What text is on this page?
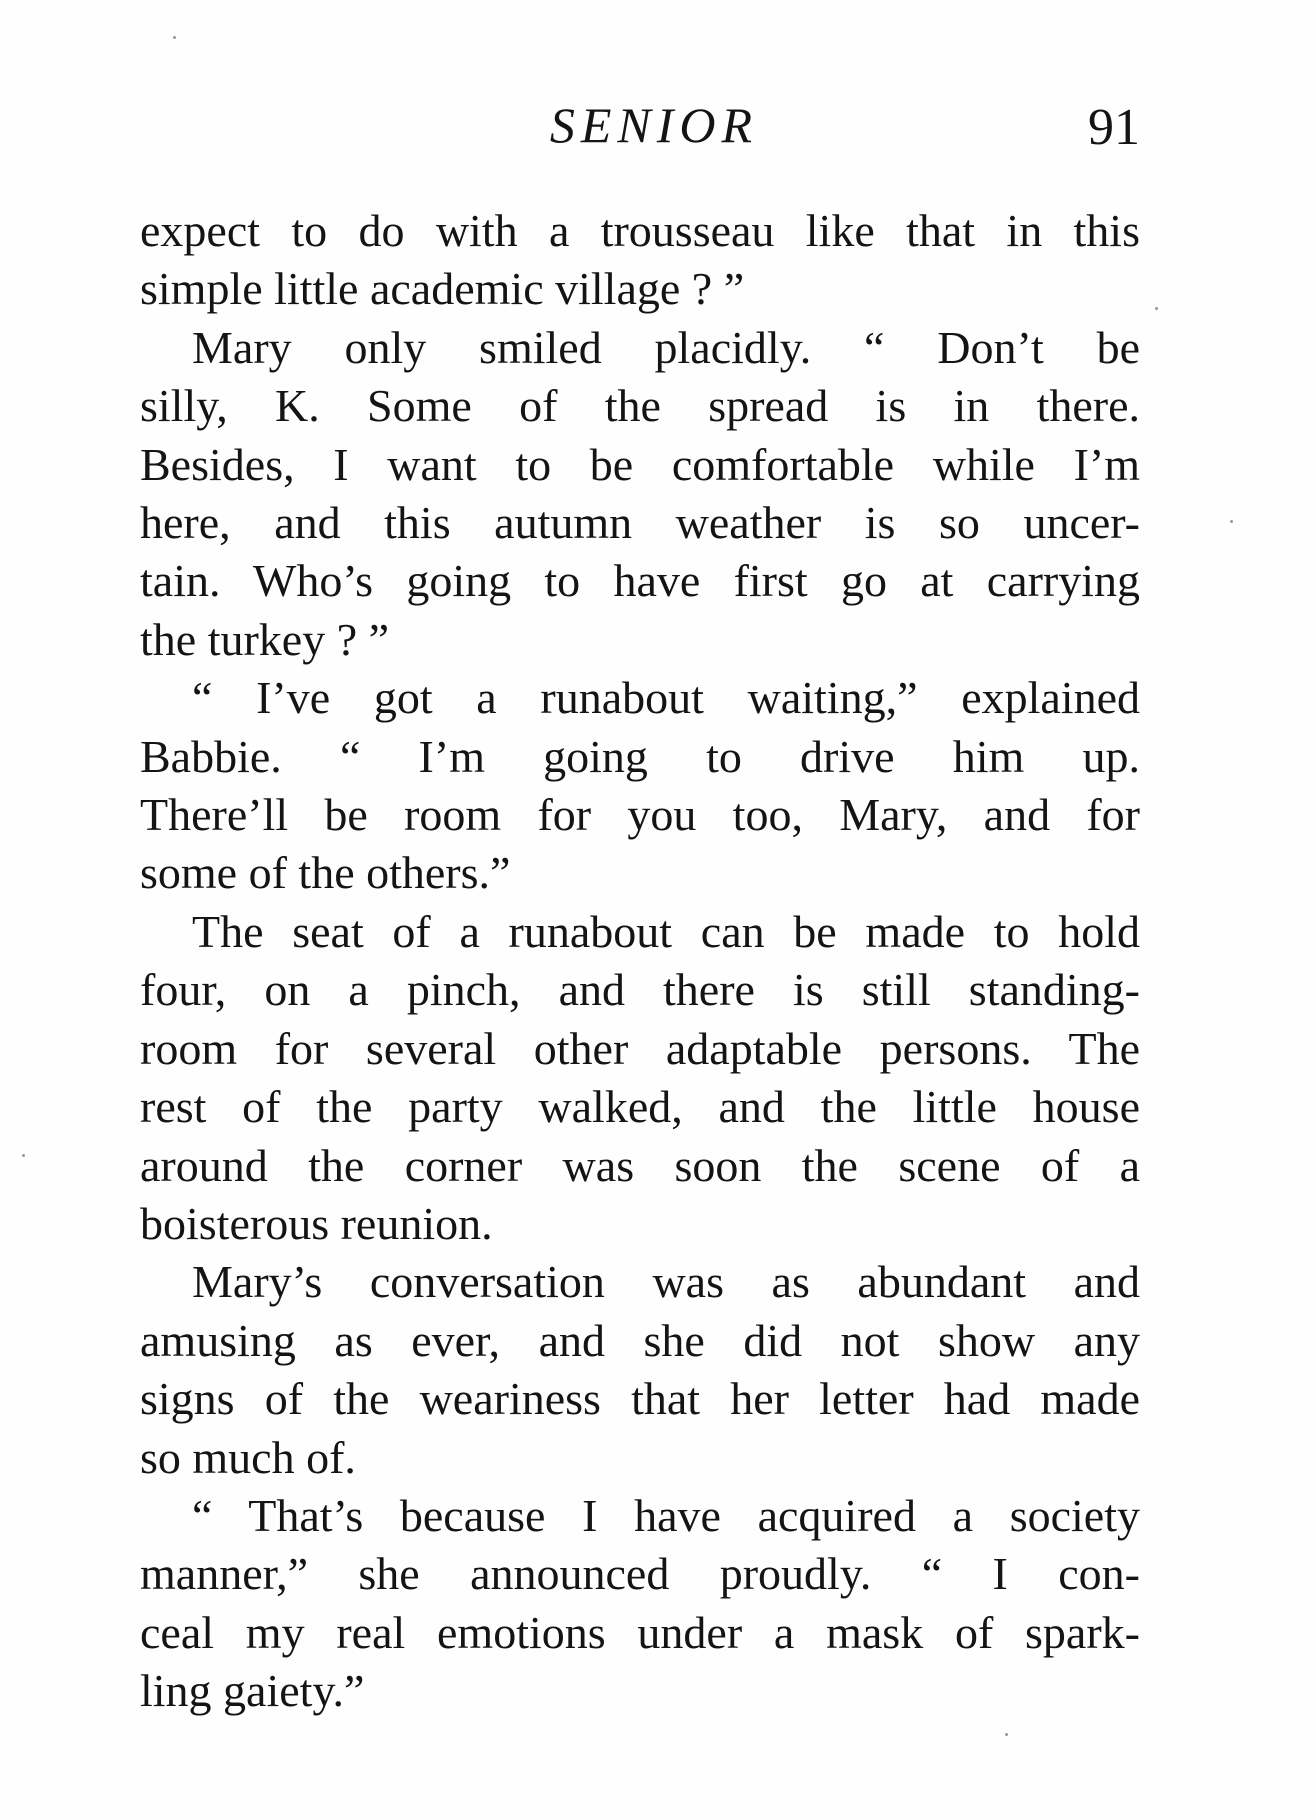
SENIOR	91
expect to do with a trousseau like that in this
simple little academic village ? ”
Mary only smiled placidly. “ Don’t be
silly, K. Some of the spread is in there.
Besides, I want to be comfortable while I’m
here, and this autumn weather is so uncer-
tain. Who’s going to have first go at carrying
the turkey ? ”
“ I’ve got a runabout waiting,” explained
Babbie. “ I’m going to drive him up.
There’ll be room for you too, Mary, and for
some of the others.”
The seat of a runabout can be made to hold
four, on a pinch, and there is still standing-
room for several other adaptable persons. The
rest of the party walked, and the little house
around the corner was soon the scene of a
boisterous reunion.
Mary’s conversation was as abundant and
amusing as ever, and she did not show any
signs of the weariness that her letter had made
so much of.
“ That’s because I have acquired a society
manner,” she announced proudly. “ I con-
ceal my real emotions under a mask of spark-
ling gaiety.”
